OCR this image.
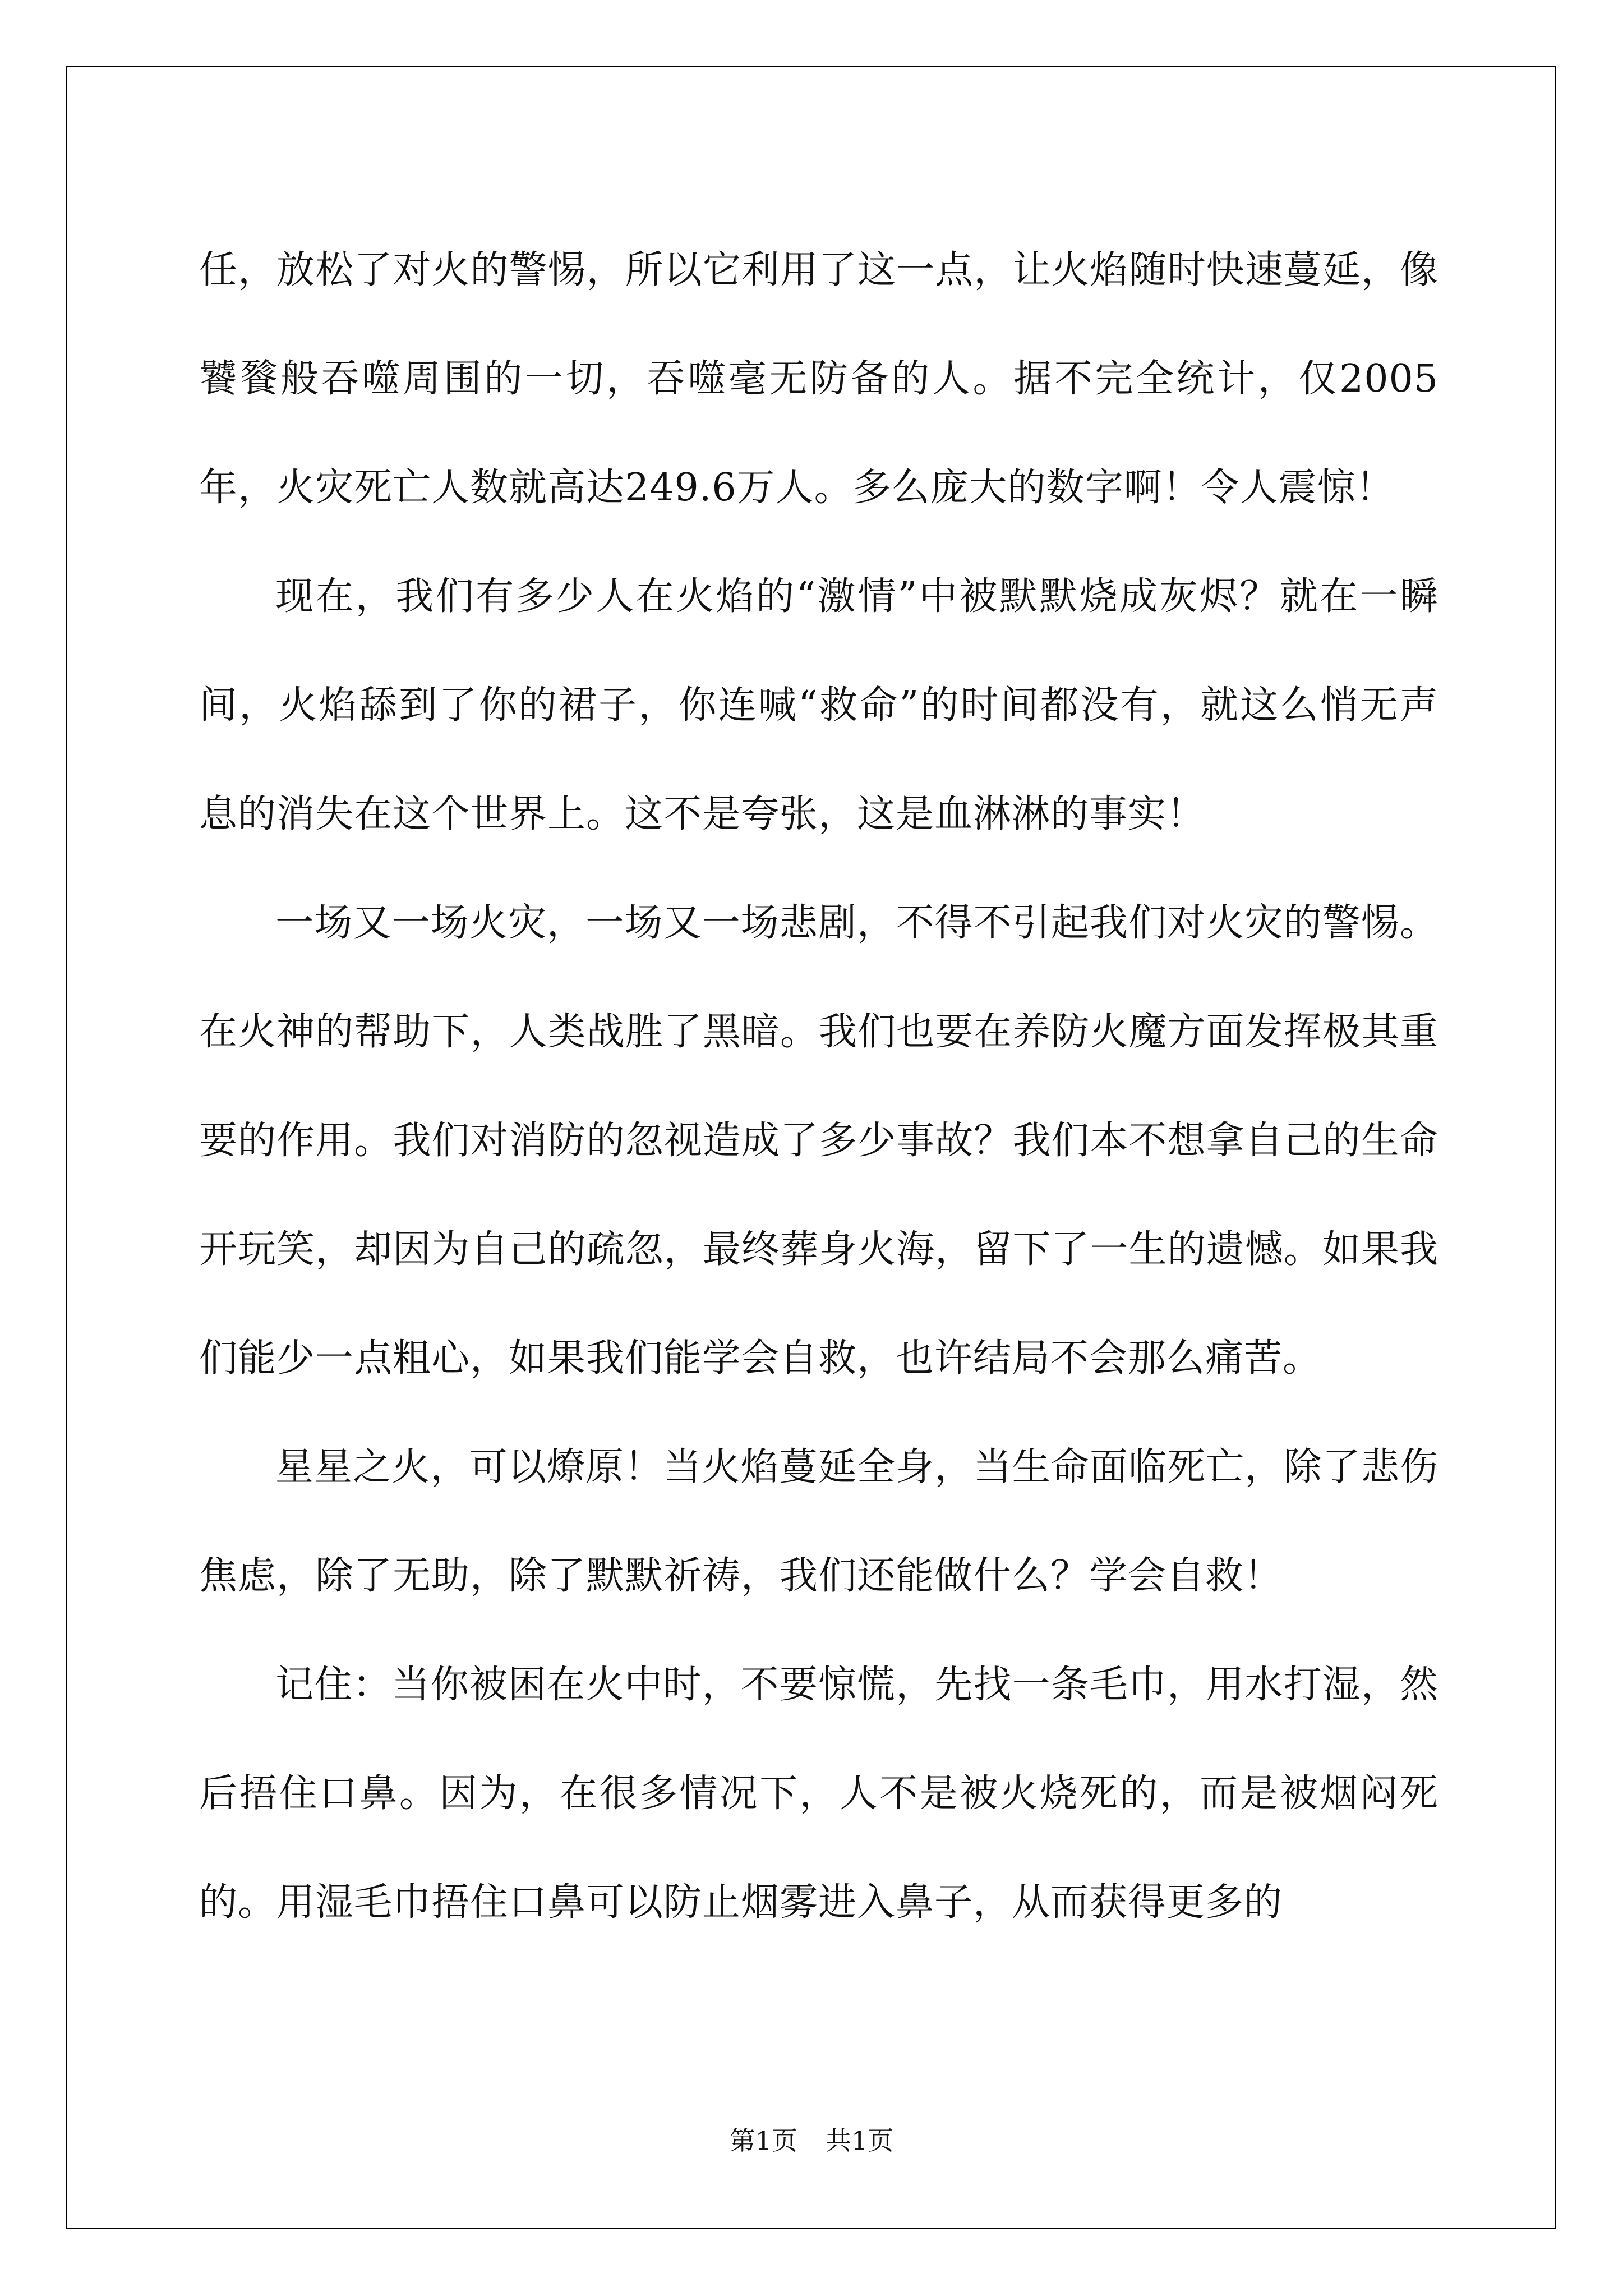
任，放松了对火的警惕，所以它利用了这一点，让火焰随时快速蔓延，像饕餮般吞噬周围的一切，吞噬毫无防备的人。据不完全统计，仅2005年，火灾死亡人数就高达249.6万人。多么庞大的数字啊！令人震惊！

现在，我们有多少人在火焰的“激情”中被默默烧成灰烬？就在一瞬间，火焰舔到了你的裙子，你连喊“救命”的时间都没有，就这么悄无声息的消失在这个世界上。这不是夸张，这是血淋淋的事实！

一场又一场火灾，一场又一场悲剧，不得不引起我们对火灾的警惕。在火神的帮助下，人类战胜了黑暗。我们也要在养防火魔方面发挥极其重要的作用。我们对消防的忽视造成了多少事故？我们本不想拿自己的生命开玩笑，却因为自己的疏忽，最终葬身火海，留下了一生的遗憾。如果我们能少一点粗心，如果我们能学会自救，也许结局不会那么痛苦。

星星之火，可以燎原！当火焰蔓延全身，当生命面临死亡，除了悲伤焦虑，除了无助，除了默默祈祷，我们还能做什么？学会自救！

记住：当你被困在火中时，不要惊慌，先找一条毛巾，用水打湿，然后捂住口鼻。因为，在很多情况下，人不是被火烧死的，而是被烟闷死的。用湿毛巾捂住口鼻可以防止烟雾进入鼻子，从而获得更多的

第1页 共1页
